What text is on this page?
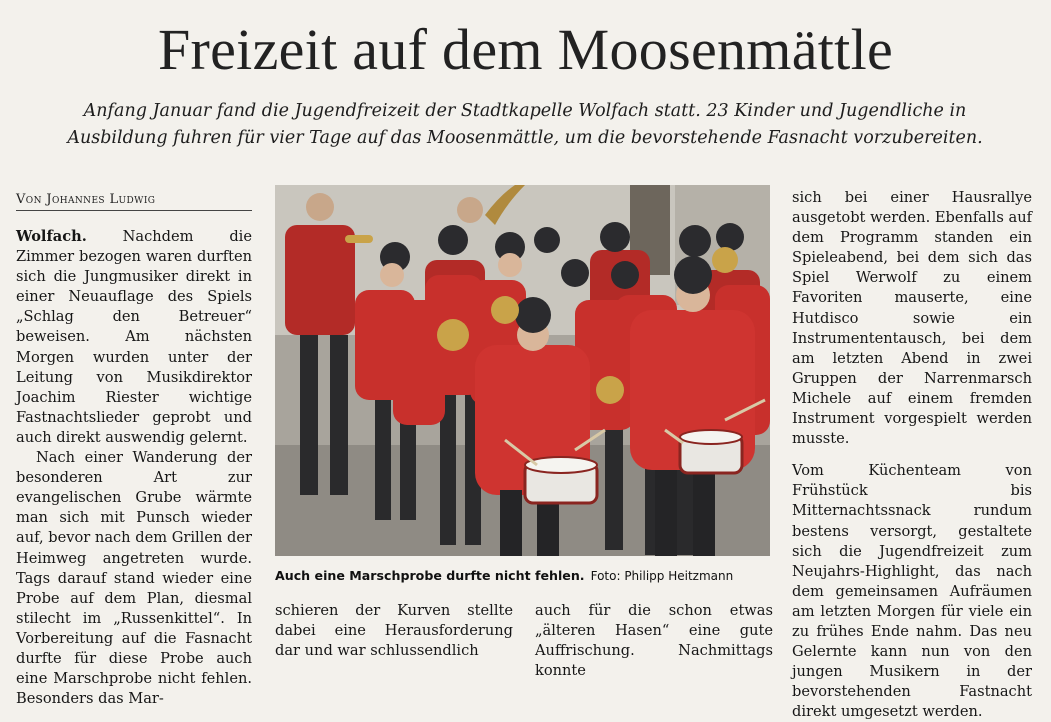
Freizeit auf dem Moosenmättle
Anfang Januar fand die Jugendfreizeit der Stadtkapelle Wolfach statt. 23 Kinder und Jugendliche in Ausbildung fuhren für vier Tage auf das Moosenmättle, um die bevorstehende Fasnacht vorzubereiten.
Von Johannes Ludwig

Wolfach. Nachdem die Zimmer bezogen waren durften sich die Jungmusiker direkt in einer Neuauflage des Spiels „Schlag den Betreuer“ beweisen. Am nächsten Morgen wurden unter der Leitung von Musikdirektor Joachim Riester wichtige Fastnachtslieder geprobt und auch direkt auswendig gelernt.

Nach einer Wanderung der besonderen Art zur evangelischen Grube wärmte man sich mit Punsch wieder auf, bevor nach dem Grillen der Heimweg angetreten wurde. Tags darauf stand wieder eine Probe auf dem Plan, diesmal stilecht im „Russenkittel“. In Vorbereitung auf die Fasnacht durfte für diese Probe auch eine Marschprobe nicht fehlen. Besonders das Mar-

Auch eine Marschprobe durfte nicht fehlen. Foto: Philipp Heitzmann

schieren der Kurven stellte dabei eine Herausforderung dar und war schlussendlich

auch für die schon etwas „älteren Hasen“ eine gute Auffrischung. Nachmittags konnte

sich bei einer Hausrallye ausgetobt werden. Ebenfalls auf dem Programm standen ein Spieleabend, bei dem sich das Spiel Werwolf zu einem Favoriten mauserte, eine Hutdisco sowie ein Instrumententausch, bei dem am letzten Abend in zwei Gruppen der Narrenmarsch Michele auf einem fremden Instrument vorgespielt werden musste.

Vom Küchenteam von Frühstück bis Mitternachtssnack rundum bestens versorgt, gestaltete sich die Jugendfreizeit zum Neujahrs-Highlight, das nach dem gemeinsamen Aufräumen am letzten Morgen für viele ein zu frühes Ende nahm. Das neu Gelernte kann nun von den jungen Musikern in der bevorstehenden Fastnacht direkt umgesetzt werden.
